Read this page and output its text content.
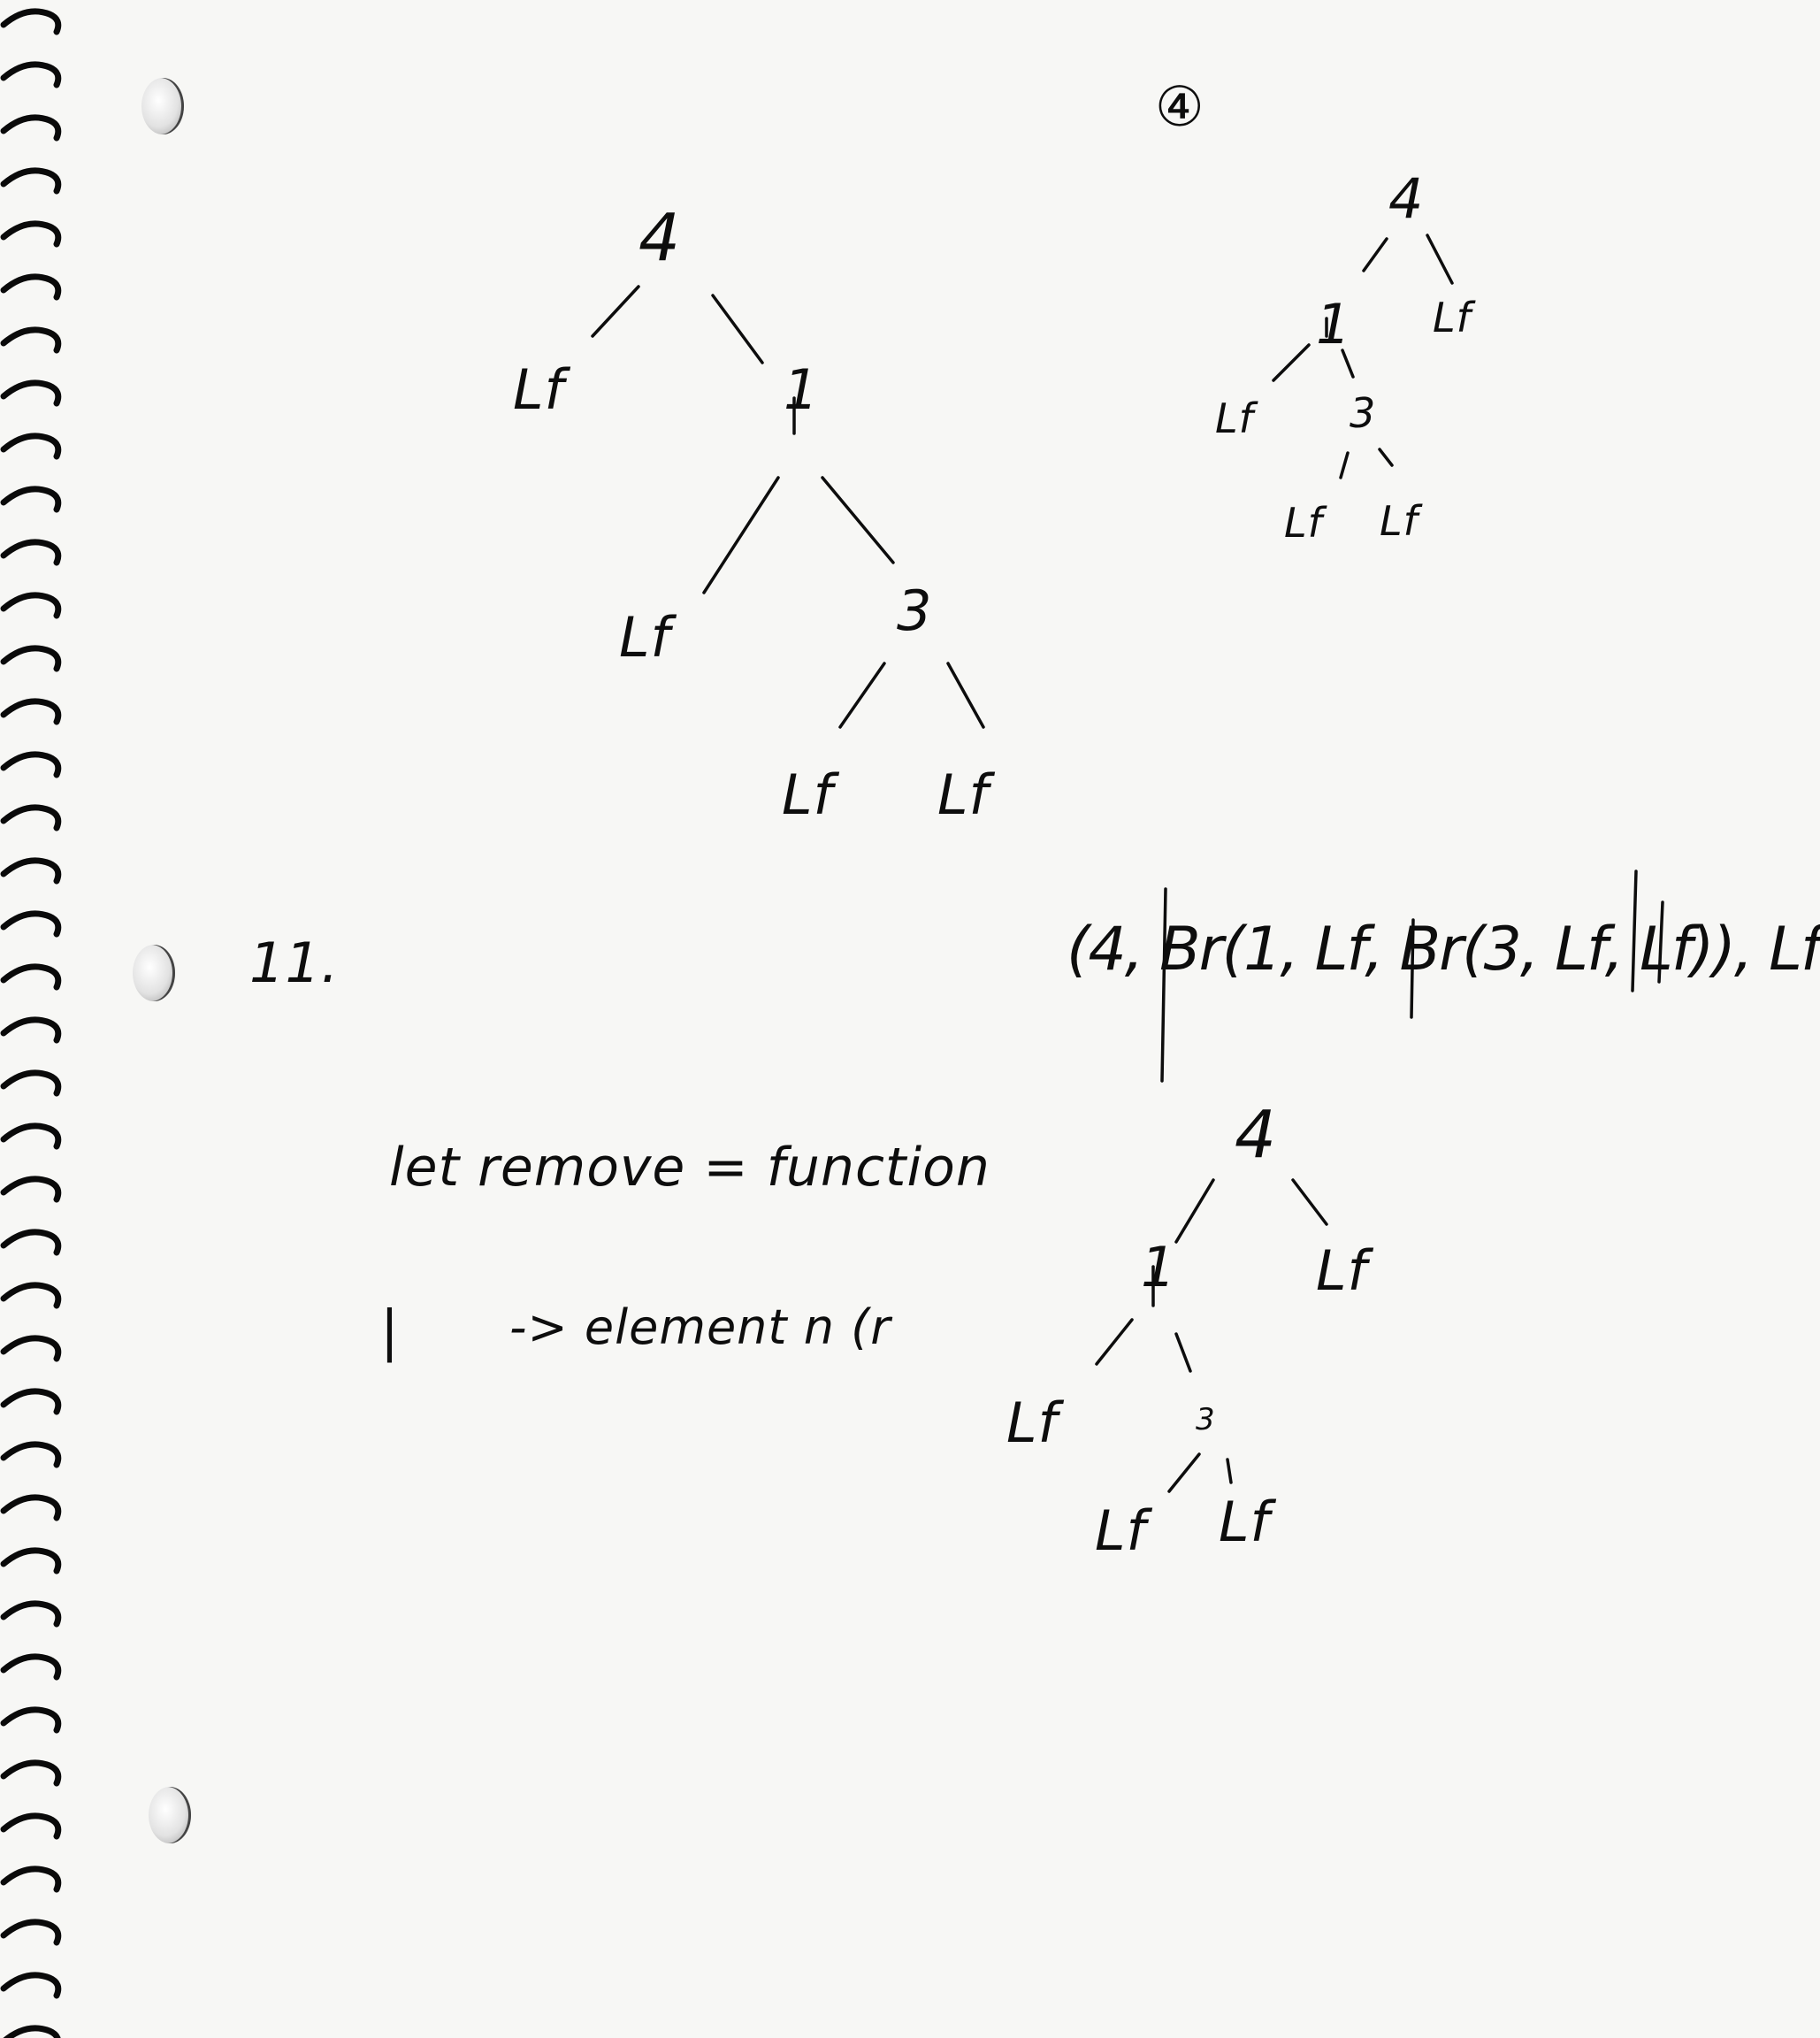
4
Lf	1
Lf	3
Lf Lf
④
4
1 Lf
Lf 3
Lf Lf
11.	(4, Br(1, Lf, Br(3, Lf, Lf)), Lf
let remove = function
| -> element n (r
4
1	Lf
Lf	3
Lf Lf
